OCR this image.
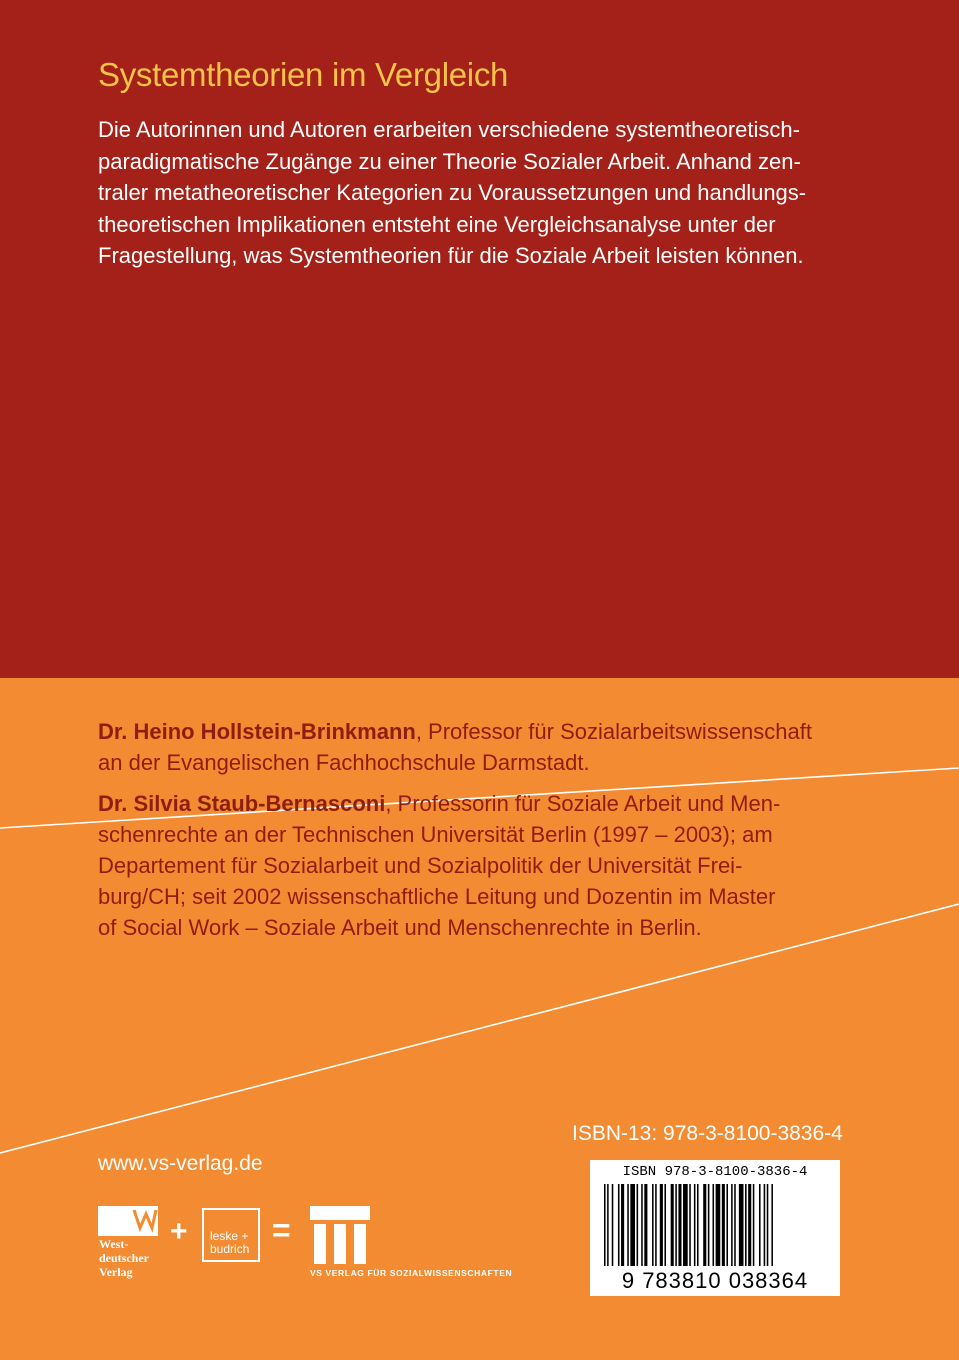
Systemtheorien im Vergleich
Die Autorinnen und Autoren erarbeiten verschiedene systemtheoretisch-
paradigmatische Zugänge zu einer Theorie Sozialer Arbeit. Anhand zen-
traler metatheoretischer Kategorien zu Voraussetzungen und handlungs-
theoretischen Implikationen entsteht eine Vergleichsanalyse unter der
Fragestellung, was Systemtheorien für die Soziale Arbeit leisten können.
Dr. Heino Hollstein-Brinkmann, Professor für Sozialarbeitswissenschaft
an der Evangelischen Fachhochschule Darmstadt.
Dr. Silvia Staub-Bernasconi, Professorin für Soziale Arbeit und Men-
schenrechte an der Technischen Universität Berlin (1997 – 2003); am
Departement für Sozialarbeit und Sozialpolitik der Universität Frei-
burg/CH; seit 2002 wissenschaftliche Leitung und Dozentin im Master
of Social Work – Soziale Arbeit und Menschenrechte in Berlin.
ISBN-13: 978-3-8100-3836-4
ISBN 978-3-8100-3836-4
9 783810 038364
www.vs-verlag.de
West-
deutscher
Verlag
+ leske +
budrich
=
VS VERLAG FÜR SOZIALWISSENSCHAFTEN
